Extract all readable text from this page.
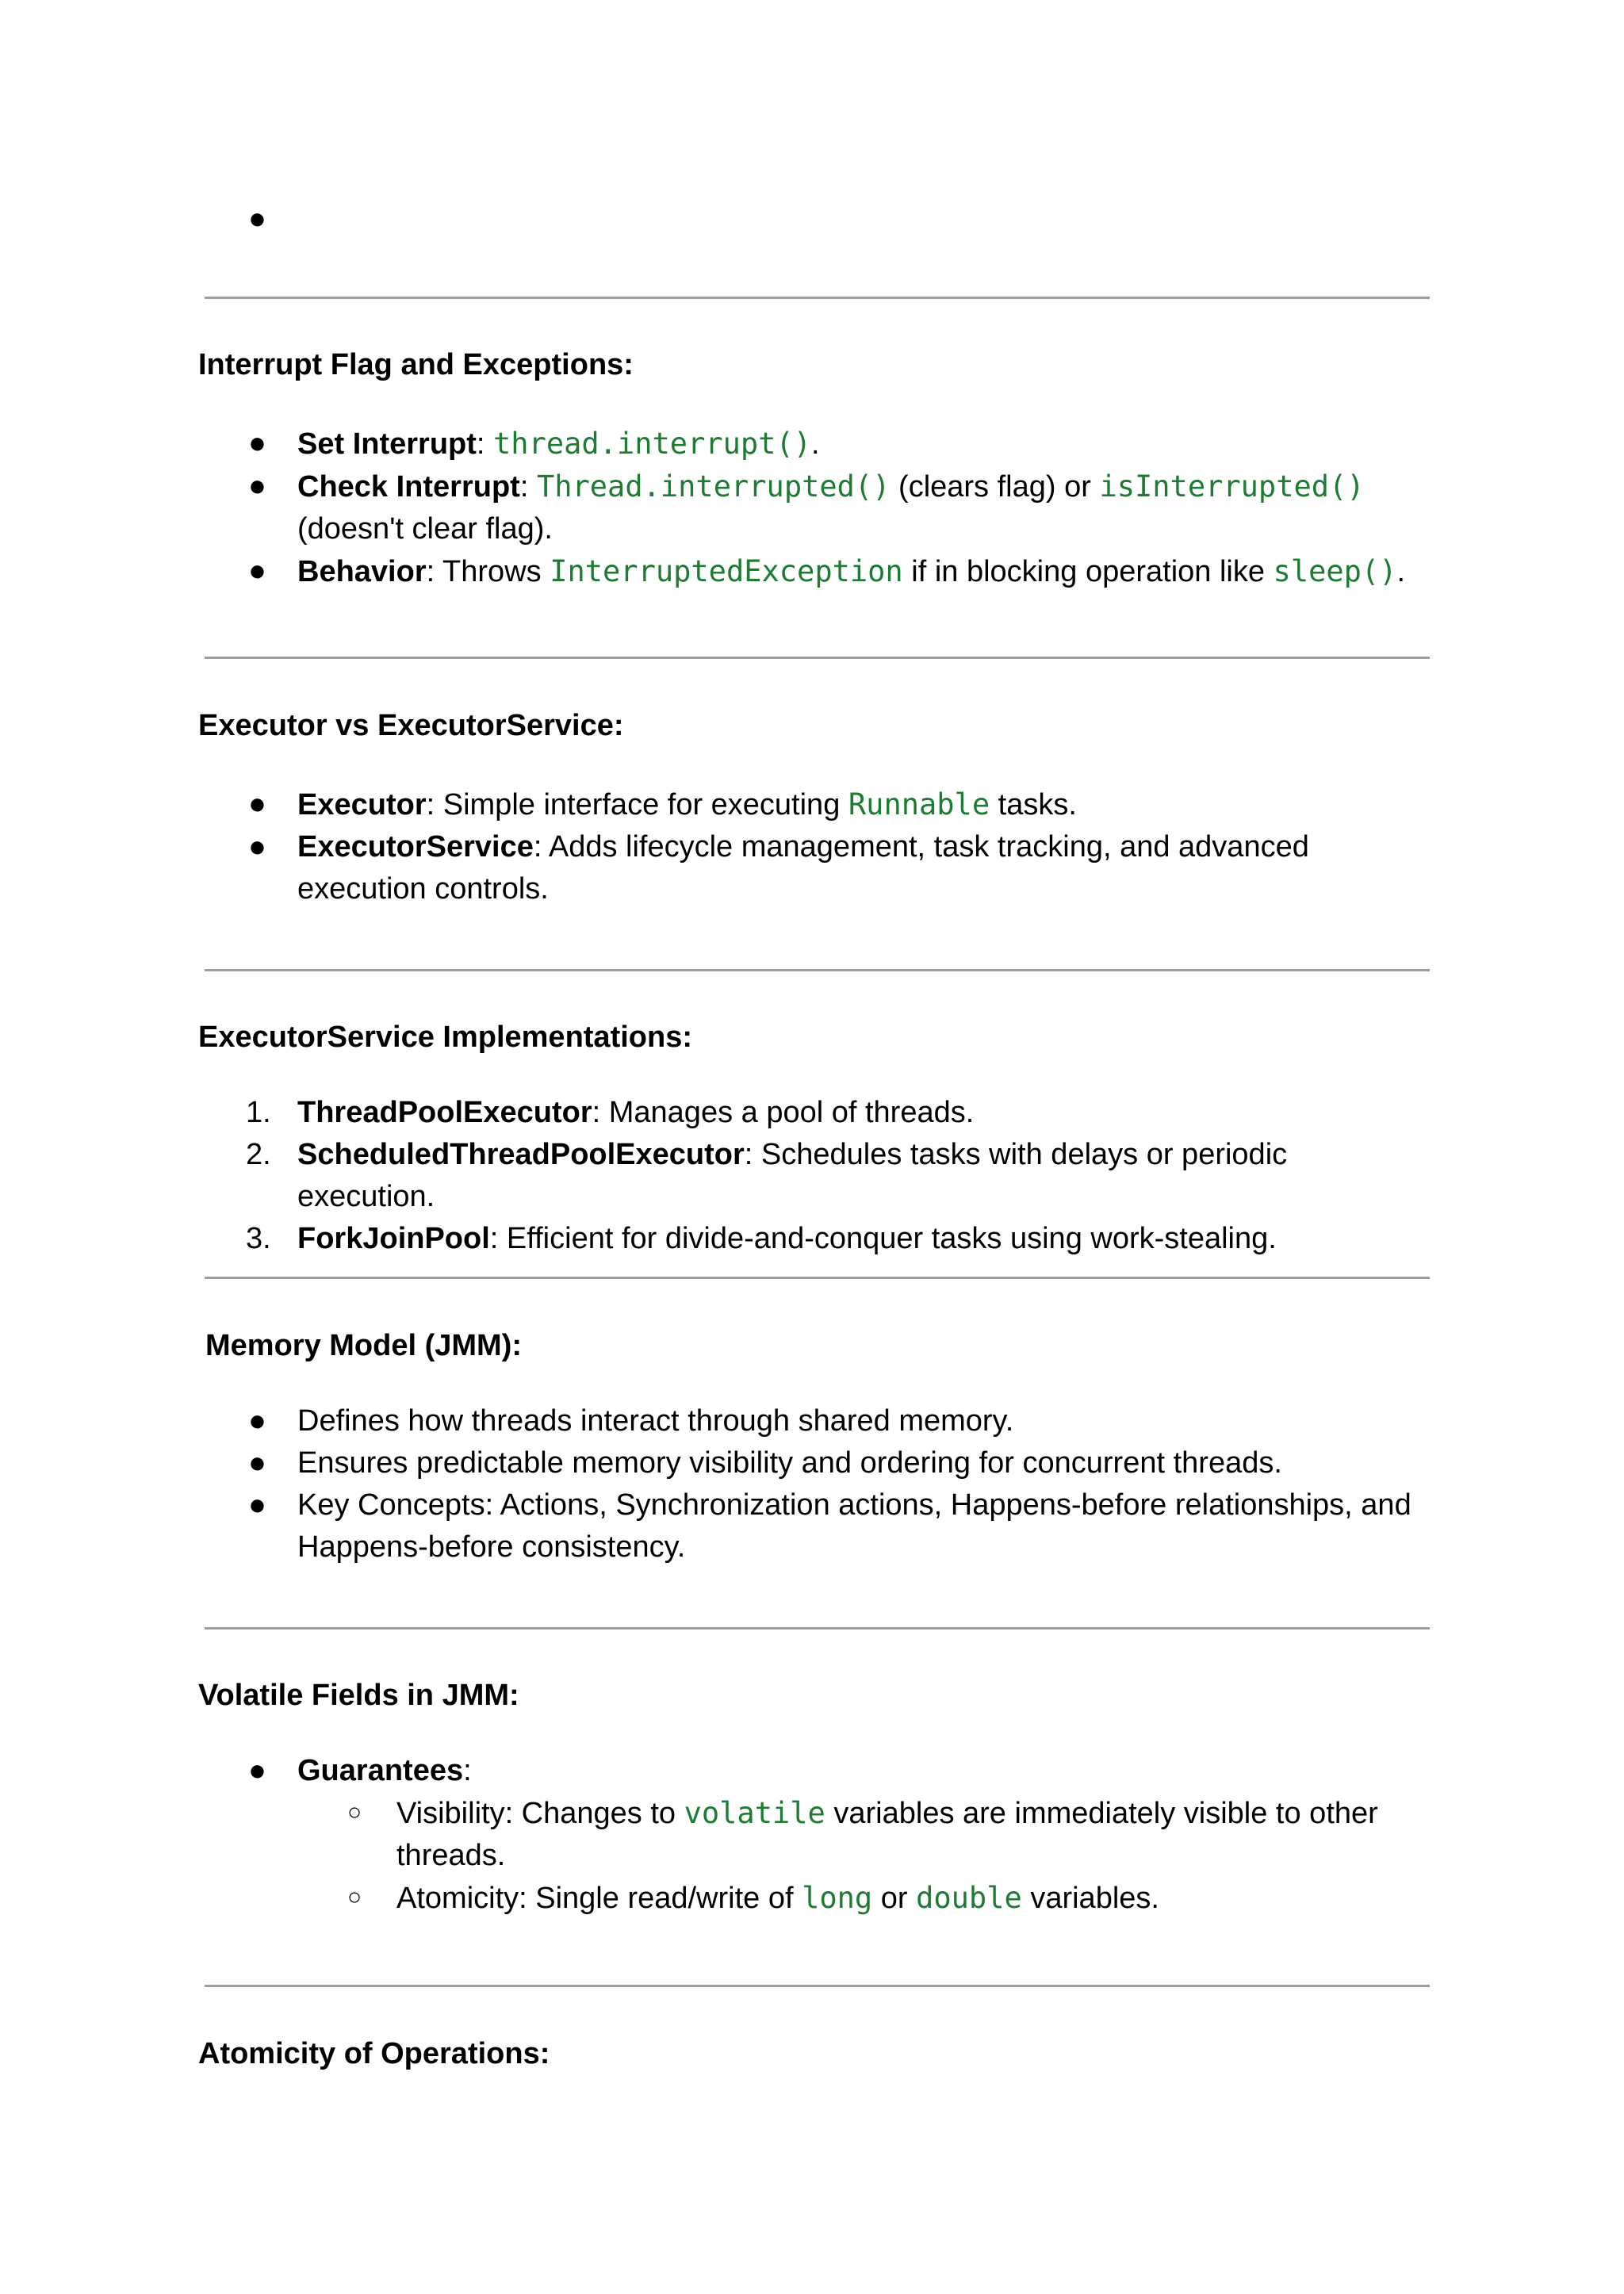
●
Interrupt Flag and Exceptions:
● Set Interrupt: thread.interrupt().
● Check Interrupt: Thread.interrupted() (clears flag) or isInterrupted() (doesn't clear flag).
● Behavior: Throws InterruptedException if in blocking operation like sleep().
Executor vs ExecutorService:
● Executor: Simple interface for executing Runnable tasks.
● ExecutorService: Adds lifecycle management, task tracking, and advanced execution controls.
ExecutorService Implementations:
1. ThreadPoolExecutor: Manages a pool of threads.
2. ScheduledThreadPoolExecutor: Schedules tasks with delays or periodic execution.
3. ForkJoinPool: Efficient for divide-and-conquer tasks using work-stealing.
Memory Model (JMM):
● Defines how threads interact through shared memory.
● Ensures predictable memory visibility and ordering for concurrent threads.
● Key Concepts: Actions, Synchronization actions, Happens-before relationships, and Happens-before consistency.
Volatile Fields in JMM:
● Guarantees:
○ Visibility: Changes to volatile variables are immediately visible to other threads.
○ Atomicity: Single read/write of long or double variables.
Atomicity of Operations:
